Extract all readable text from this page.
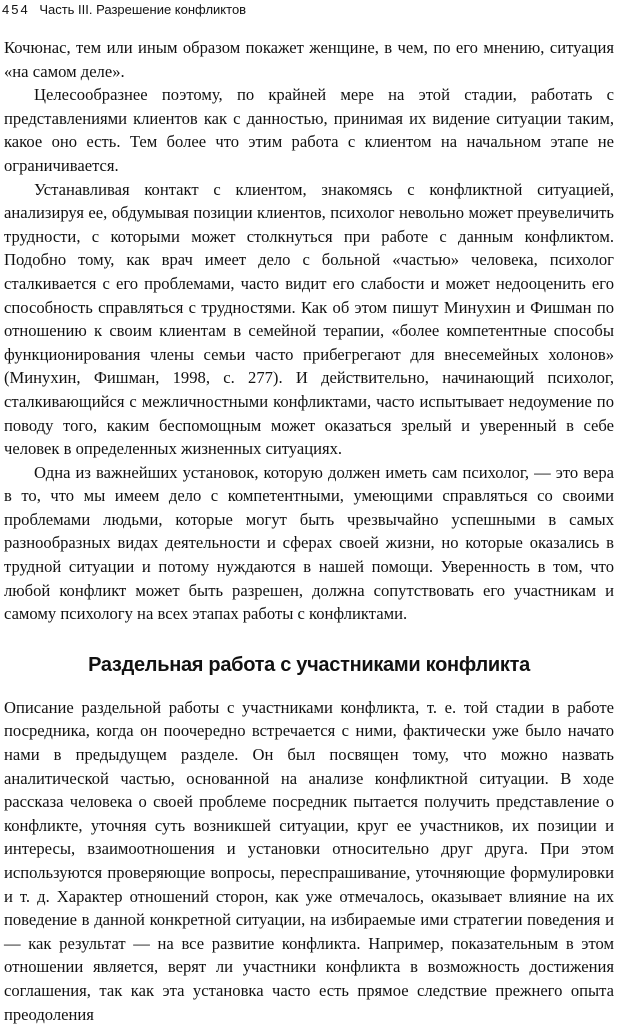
454 Часть III. Разрешение конфликтов

Кочюнас, тем или иным образом покажет женщине, в чем, по его мнению, ситуация «на самом деле».

Целесообразнее поэтому, по крайней мере на этой стадии, работать с представлениями клиентов как с данностью, принимая их видение ситуации таким, какое оно есть. Тем более что этим работа с клиентом на начальном этапе не ограничивается.

Устанавливая контакт с клиентом, знакомясь с конфликтной ситуацией, анализируя ее, обдумывая позиции клиентов, психолог невольно может преувеличить трудности, с которыми может столкнуться при работе с данным конфликтом. Подобно тому, как врач имеет дело с больной «частью» человека, психолог сталкивается с его проблемами, часто видит его слабости и может недооценить его способность справляться с трудностями. Как об этом пишут Минухин и Фишман по отношению к своим клиентам в семейной терапии, «более компетентные способы функционирования члены семьи часто прибегрегают для внесемейных холонов» (Минухин, Фишман, 1998, с. 277). И действительно, начинающий психолог, сталкивающийся с межличностными конфликтами, часто испытывает недоумение по поводу того, каким беспомощным может оказаться зрелый и уверенный в себе человек в определенных жизненных ситуациях.

Одна из важнейших установок, которую должен иметь сам психолог, — это вера в то, что мы имеем дело с компетентными, умеющими справляться со своими проблемами людьми, которые могут быть чрезвычайно успешными в самых разнообразных видах деятельности и сферах своей жизни, но которые оказались в трудной ситуации и потому нуждаются в нашей помощи. Уверенность в том, что любой конфликт может быть разрешен, должна сопутствовать его участникам и самому психологу на всех этапах работы с конфликтами.

Раздельная работа с участниками конфликта

Описание раздельной работы с участниками конфликта, т. е. той стадии в работе посредника, когда он поочередно встречается с ними, фактически уже было начато нами в предыдущем разделе. Он был посвящен тому, что можно назвать аналитической частью, основанной на анализе конфликтной ситуации. В ходе рассказа человека о своей проблеме посредник пытается получить представление о конфликте, уточняя суть возникшей ситуации, круг ее участников, их позиции и интересы, взаимоотношения и установки относительно друг друга. При этом используются проверяющие вопросы, переспрашивание, уточняющие формулировки и т. д. Характер отношений сторон, как уже отмечалось, оказывает влияние на их поведение в данной конкретной ситуации, на избираемые ими стратегии поведения и — как результат — на все развитие конфликта. Например, показательным в этом отношении является, верят ли участники конфликта в возможность достижения соглашения, так как эта установка часто есть прямое следствие прежнего опыта преодоления
